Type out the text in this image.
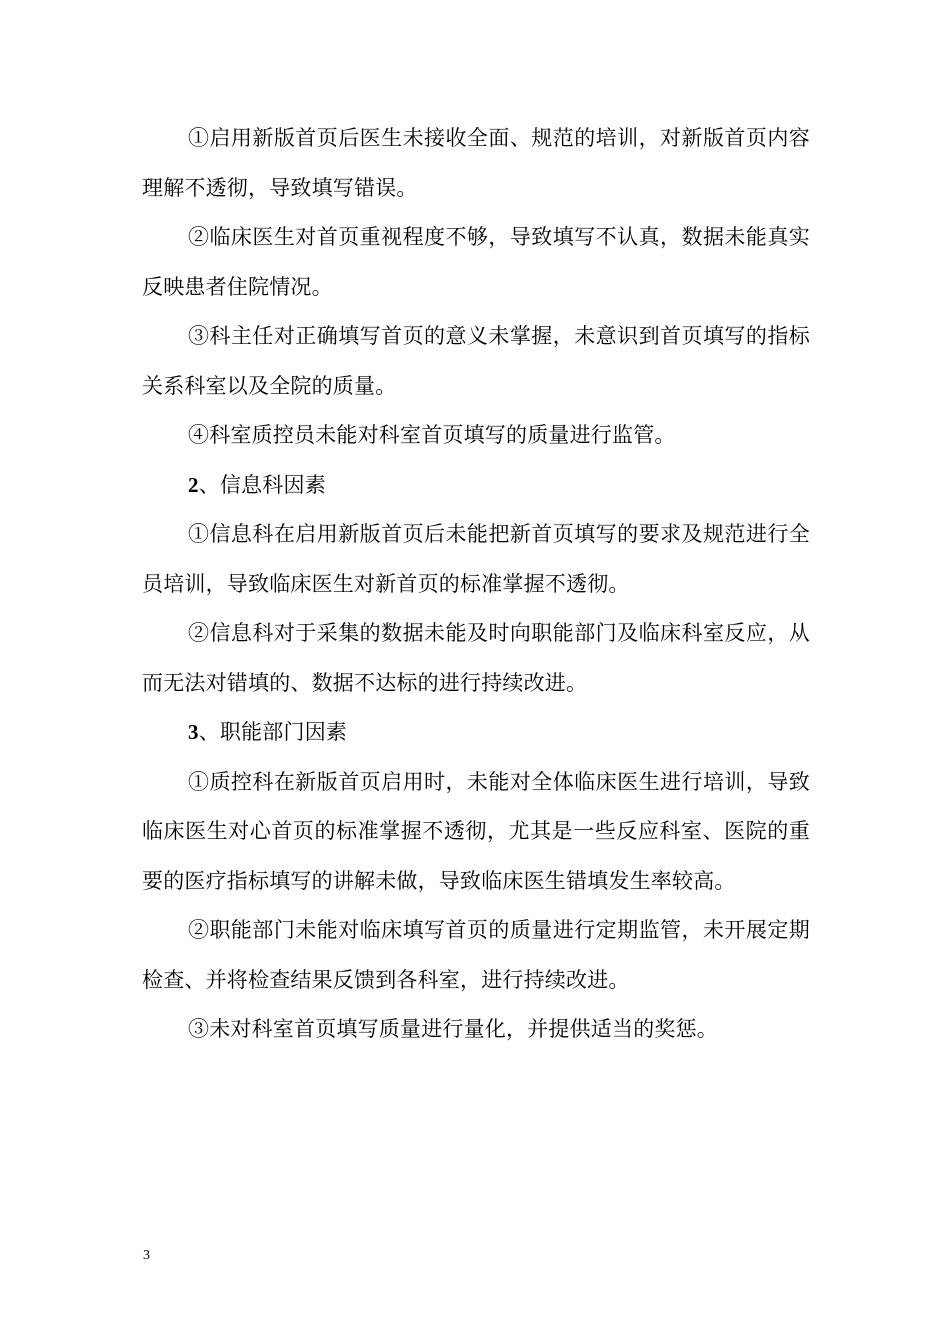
①启用新版首页后医生未接收全面、规范的培训，对新版首页内容理解不透彻，导致填写错误。

②临床医生对首页重视程度不够，导致填写不认真，数据未能真实反映患者住院情况。

③科主任对正确填写首页的意义未掌握，未意识到首页填写的指标关系科室以及全院的质量。

④科室质控员未能对科室首页填写的质量进行监管。

2、信息科因素

①信息科在启用新版首页后未能把新首页填写的要求及规范进行全员培训，导致临床医生对新首页的标准掌握不透彻。

②信息科对于采集的数据未能及时向职能部门及临床科室反应，从而无法对错填的、数据不达标的进行持续改进。

3、职能部门因素

①质控科在新版首页启用时，未能对全体临床医生进行培训，导致临床医生对心首页的标准掌握不透彻，尤其是一些反应科室、医院的重要的医疗指标填写的讲解未做，导致临床医生错填发生率较高。

②职能部门未能对临床填写首页的质量进行定期监管，未开展定期检查、并将检查结果反馈到各科室，进行持续改进。

③未对科室首页填写质量进行量化，并提供适当的奖惩。

3
